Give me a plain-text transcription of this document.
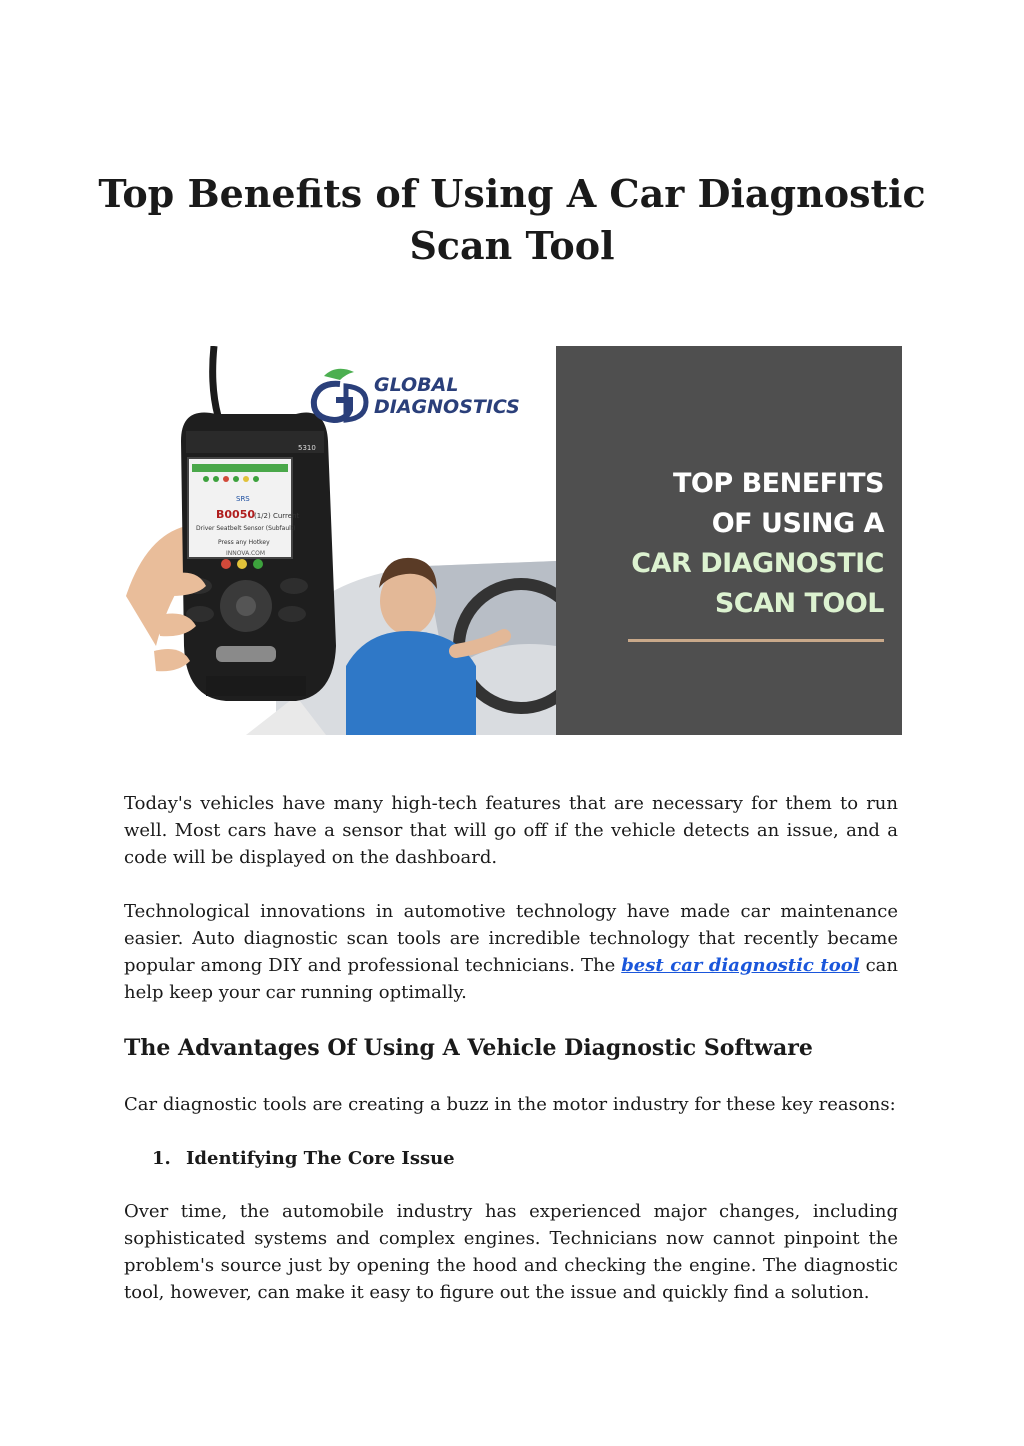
Top Benefits of Using A Car Diagnostic
Scan Tool
B0050 (1/2) Current
SRS
Driver Seatbelt Sensor (Subfault)
Press any Hotkey
INNOVA.COM
5310
GLOBAL
DIAGNOSTICS
TOP BENEFITS
OF USING A
CAR DIAGNOSTIC
SCAN TOOL

Today's vehicles have many high-tech features that are necessary for them to run well. Most cars have a sensor that will go off if the vehicle detects an issue, and a code will be displayed on the dashboard.

Technological innovations in automotive technology have made car maintenance easier. Auto diagnostic scan tools are incredible technology that recently became popular among DIY and professional technicians. The best car diagnostic tool can help keep your car running optimally.

The Advantages Of Using A Vehicle Diagnostic Software

Car diagnostic tools are creating a buzz in the motor industry for these key reasons:

1. Identifying The Core Issue

Over time, the automobile industry has experienced major changes, including sophisticated systems and complex engines. Technicians now cannot pinpoint the problem's source just by opening the hood and checking the engine. The diagnostic tool, however, can make it easy to figure out the issue and quickly find a solution.
